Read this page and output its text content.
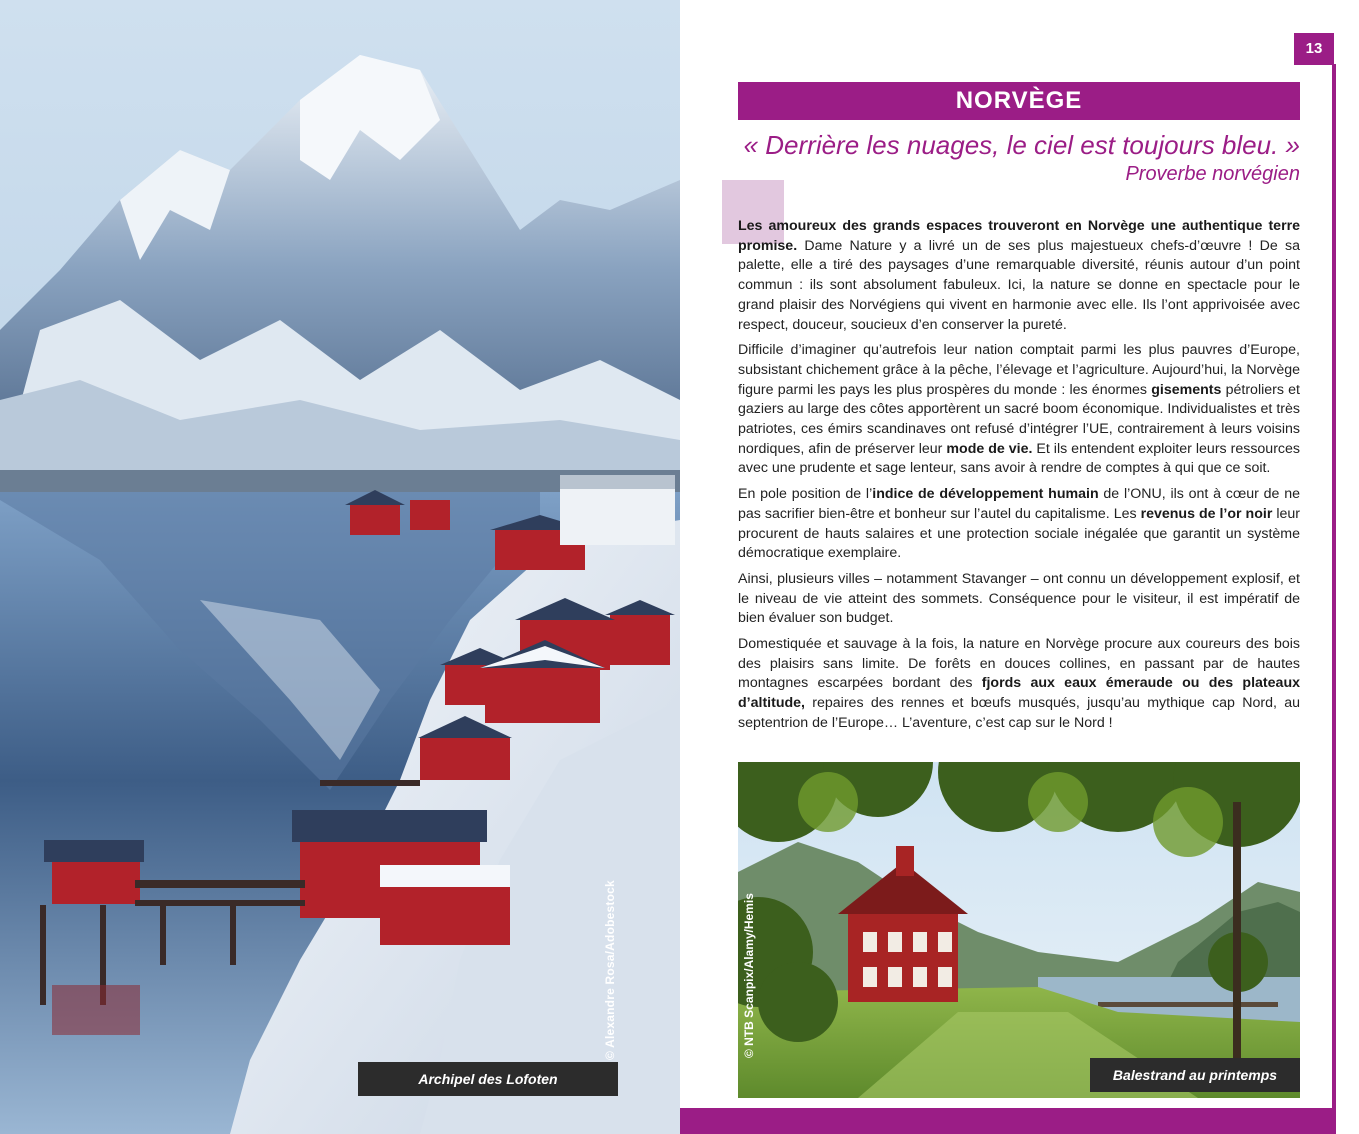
© Alexandre Rosa/Adobestock
Archipel des Lofoten
13
NORVÈGE
« Derrière les nuages, le ciel est toujours bleu. »
Proverbe norvégien

Les amoureux des grands espaces trouveront en Norvège une authentique terre promise. Dame Nature y a livré un de ses plus majestueux chefs-d’œuvre ! De sa palette, elle a tiré des paysages d’une remarquable diversité, réunis autour d’un point commun : ils sont absolument fabuleux. Ici, la nature se donne en spectacle pour le grand plaisir des Norvégiens qui vivent en harmonie avec elle. Ils l’ont apprivoisée avec respect, douceur, soucieux d’en conserver la pureté.

Difficile d’imaginer qu’autrefois leur nation comptait parmi les plus pauvres d’Europe, subsistant chichement grâce à la pêche, l’élevage et l’agriculture. Aujourd’hui, la Norvège figure parmi les pays les plus prospères du monde : les énormes gisements pétroliers et gaziers au large des côtes apportèrent un sacré boom économique. Individualistes et très patriotes, ces émirs scandinaves ont refusé d’intégrer l’UE, contrairement à leurs voisins nordiques, afin de préserver leur mode de vie. Et ils entendent exploiter leurs ressources avec une prudente et sage lenteur, sans avoir à rendre de comptes à qui que ce soit.

En pole position de l’indice de développement humain de l’ONU, ils ont à cœur de ne pas sacrifier bien-être et bonheur sur l’autel du capitalisme. Les revenus de l’or noir leur procurent de hauts salaires et une protection sociale inégalée que garantit un système démocratique exemplaire.

Ainsi, plusieurs villes – notamment Stavanger – ont connu un développement explosif, et le niveau de vie atteint des sommets. Conséquence pour le visiteur, il est impératif de bien évaluer son budget.

Domestiquée et sauvage à la fois, la nature en Norvège procure aux coureurs des bois des plaisirs sans limite. De forêts en douces collines, en passant par de hautes montagnes escarpées bordant des fjords aux eaux émeraude ou des plateaux d’altitude, repaires des rennes et bœufs musqués, jusqu’au mythique cap Nord, au septentrion de l’Europe… L’aventure, c’est cap sur le Nord !

© NTB Scanpix/Alamy/Hemis
Balestrand au printemps
